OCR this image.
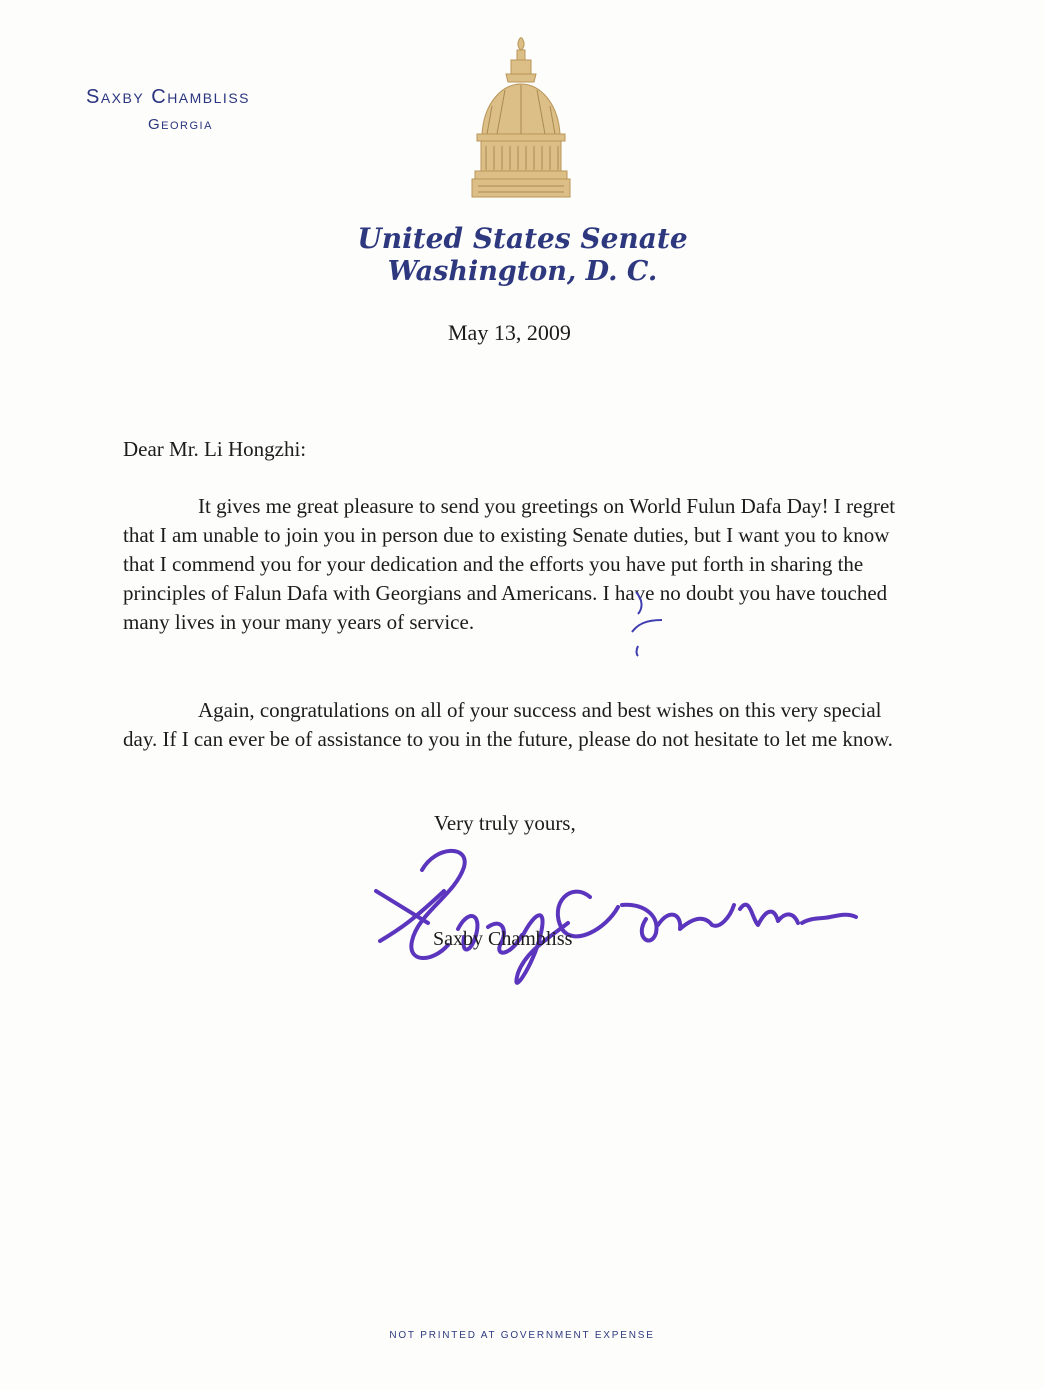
Saxby Chambliss
Georgia
United States Senate
Washington, D. C.
May 13, 2009
Dear Mr. Li Hongzhi:
It gives me great pleasure to send you greetings on World Fulun Dafa Day! I regret that I am unable to join you in person due to existing Senate duties, but I want you to know that I commend you for your dedication and the efforts you have put forth in sharing the principles of Falun Dafa with Georgians and Americans. I have no doubt you have touched many lives in your many years of service.
Again, congratulations on all of your success and best wishes on this very special day. If I can ever be of assistance to you in the future, please do not hesitate to let me know.
Very truly yours,
Saxby Chambliss
NOT PRINTED AT GOVERNMENT EXPENSE
